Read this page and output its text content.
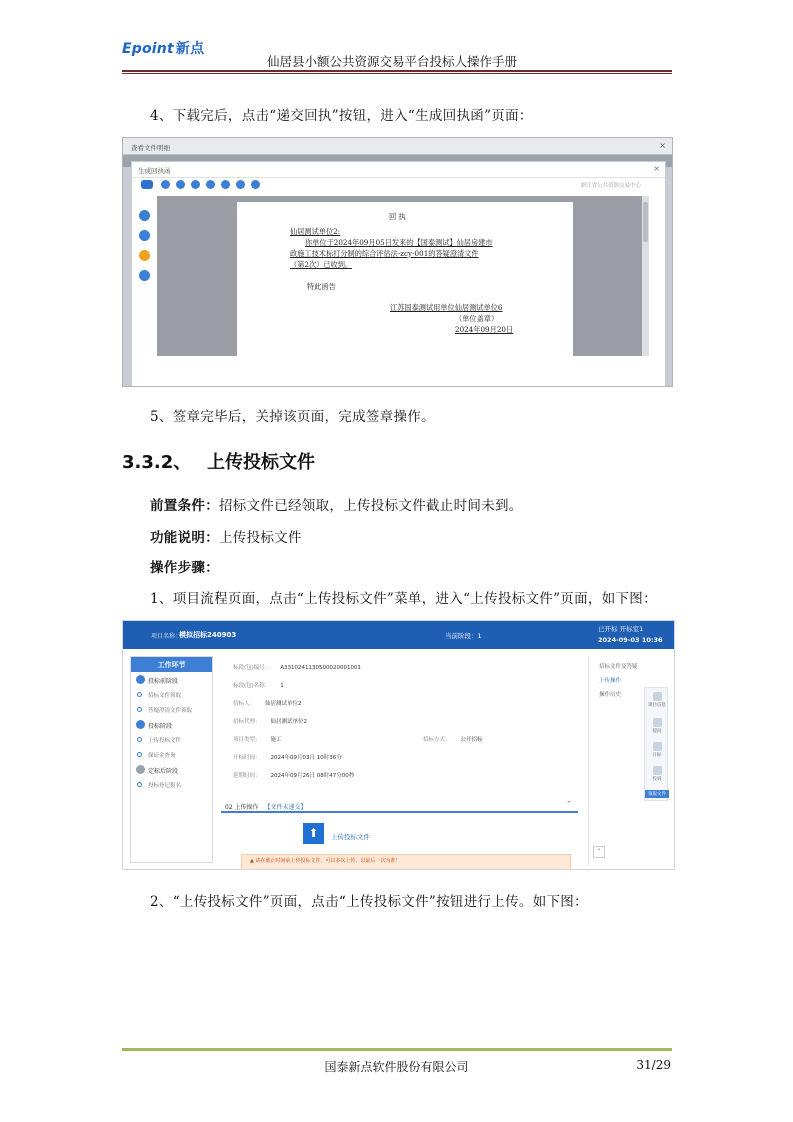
Epoint 新点
仙居县小额公共资源交易平台投标人操作手册
4、下载完后，点击“递交回执”按钮，进入“生成回执函”页面：
查看文件明细	×
生成回执函	×
浙江省公共资源交易中心
回 执
仙居测试单位2:
你单位于2024年09月05日发来的【国泰测试】仙居房建市
政施工技术标打分制的综合评估法-zcy-001的答疑澄清文件
（第2次）已收到。
特此函告
江苏国泰测试用单位仙居测试单位6
（单位盖章）
2024年09月20日
5、签章完毕后，关掉该页面，完成签章操作。
3.3.2、 上传投标文件
前置条件：招标文件已经领取，上传投标文件截止时间未到。
功能说明：上传投标文件
操作步骤：
1、项目流程页面，点击“上传投标文件”菜单，进入“上传投标文件”页面，如下图：
项目名称：
模拟招标240903	当前阶段：1
已开标 开标室1
2024-09-03 10:36
工作环节
投标前阶段
招标文件领取
答疑澄清文件领取
投标阶段
上传投标文件
保证金查询
定标后阶段
投标登记报名
标段(包)编号： A3310241130500020001001
标段(包)名称： 1
招标人： 仙居测试单位2
招标代理： 仙居测试单位2
项目类型： 施工	招标方式： 公开招标
开标时间： 2024年09月03日 10时36分
延期时间： 2024年09月26日 08时47分00秒
02 上传操作 【文件未递交】	⌃
⬆	上传投标文件
▲ 请在截止时间前上传投标文件，可以多次上传，以最后一次为准！
招标文件及答疑
上传操作
操作历史
项目信息
提问
开标
投诉
领取文件
⌃
2、“上传投标文件”页面，点击“上传投标文件”按钮进行上传。如下图：
国泰新点软件股份有限公司	31/29
